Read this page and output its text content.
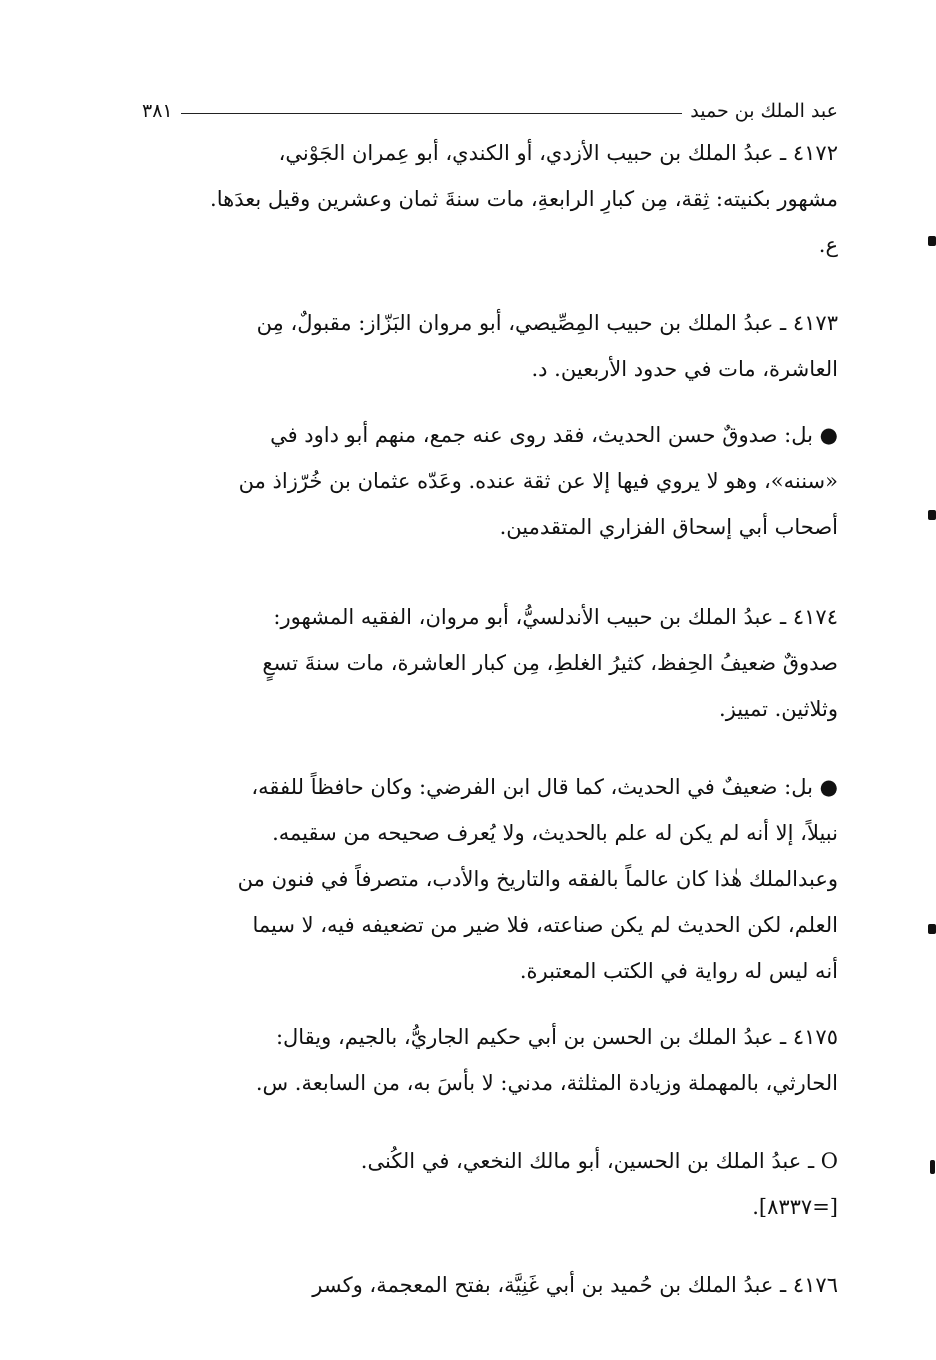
عبد الملك بن حميد
٣٨١
٤١٧٢ ـ عبدُ الملك بن حبيب الأزدي، أو الكندي، أبو عِمران الجَوْني،
مشهور بكنيته: ثِقة، مِن كبارِ الرابعةِ، مات سنةَ ثمان وعشرين وقيل بعدَها.
ع.
٤١٧٣ ـ عبدُ الملك بن حبيب المِصِّيصي، أبو مروان البَزّاز: مقبولٌ، مِن
العاشرة، مات في حدود الأربعين. د.
● بل: صدوقٌ حسن الحديث، فقد روى عنه جمع، منهم أبو داود في
«سننه»، وهو لا يروي فيها إلا عن ثقة عنده. وعَدّه عثمان بن خُرّزاذ من
أصحاب أبي إسحاق الفزاري المتقدمين.
٤١٧٤ ـ عبدُ الملك بن حبيب الأندلسيُّ، أبو مروان، الفقيه المشهور:
صدوقٌ ضعيفُ الحِفظ، كثيرُ الغلطِ، مِن كبار العاشرة، مات سنةَ تسعٍ
وثلاثين. تمييز.
● بل: ضعيفٌ في الحديث، كما قال ابن الفرضي: وكان حافظاً للفقه،
نبيلاً، إلا أنه لم يكن له علم بالحديث، ولا يُعرف صحيحه من سقيمه.
وعبدالملك هٰذا كان عالماً بالفقه والتاريخ والأدب، متصرفاً في فنون من
العلم، لكن الحديث لم يكن صناعته، فلا ضير من تضعيفه فيه، لا سيما
أنه ليس له رواية في الكتب المعتبرة.
٤١٧٥ ـ عبدُ الملك بن الحسن بن أبي حكيم الجاريُّ، بالجيم، ويقال:
الحارثي، بالمهملة وزيادة المثلثة، مدني: لا بأسَ به، من السابعة. س.
O ـ عبدُ الملك بن الحسين، أبو مالك النخعي، في الكُنى.
[=٨٣٣٧].
٤١٧٦ ـ عبدُ الملك بن حُميد بن أبي غَنِيَّة، بفتح المعجمة، وكسر
